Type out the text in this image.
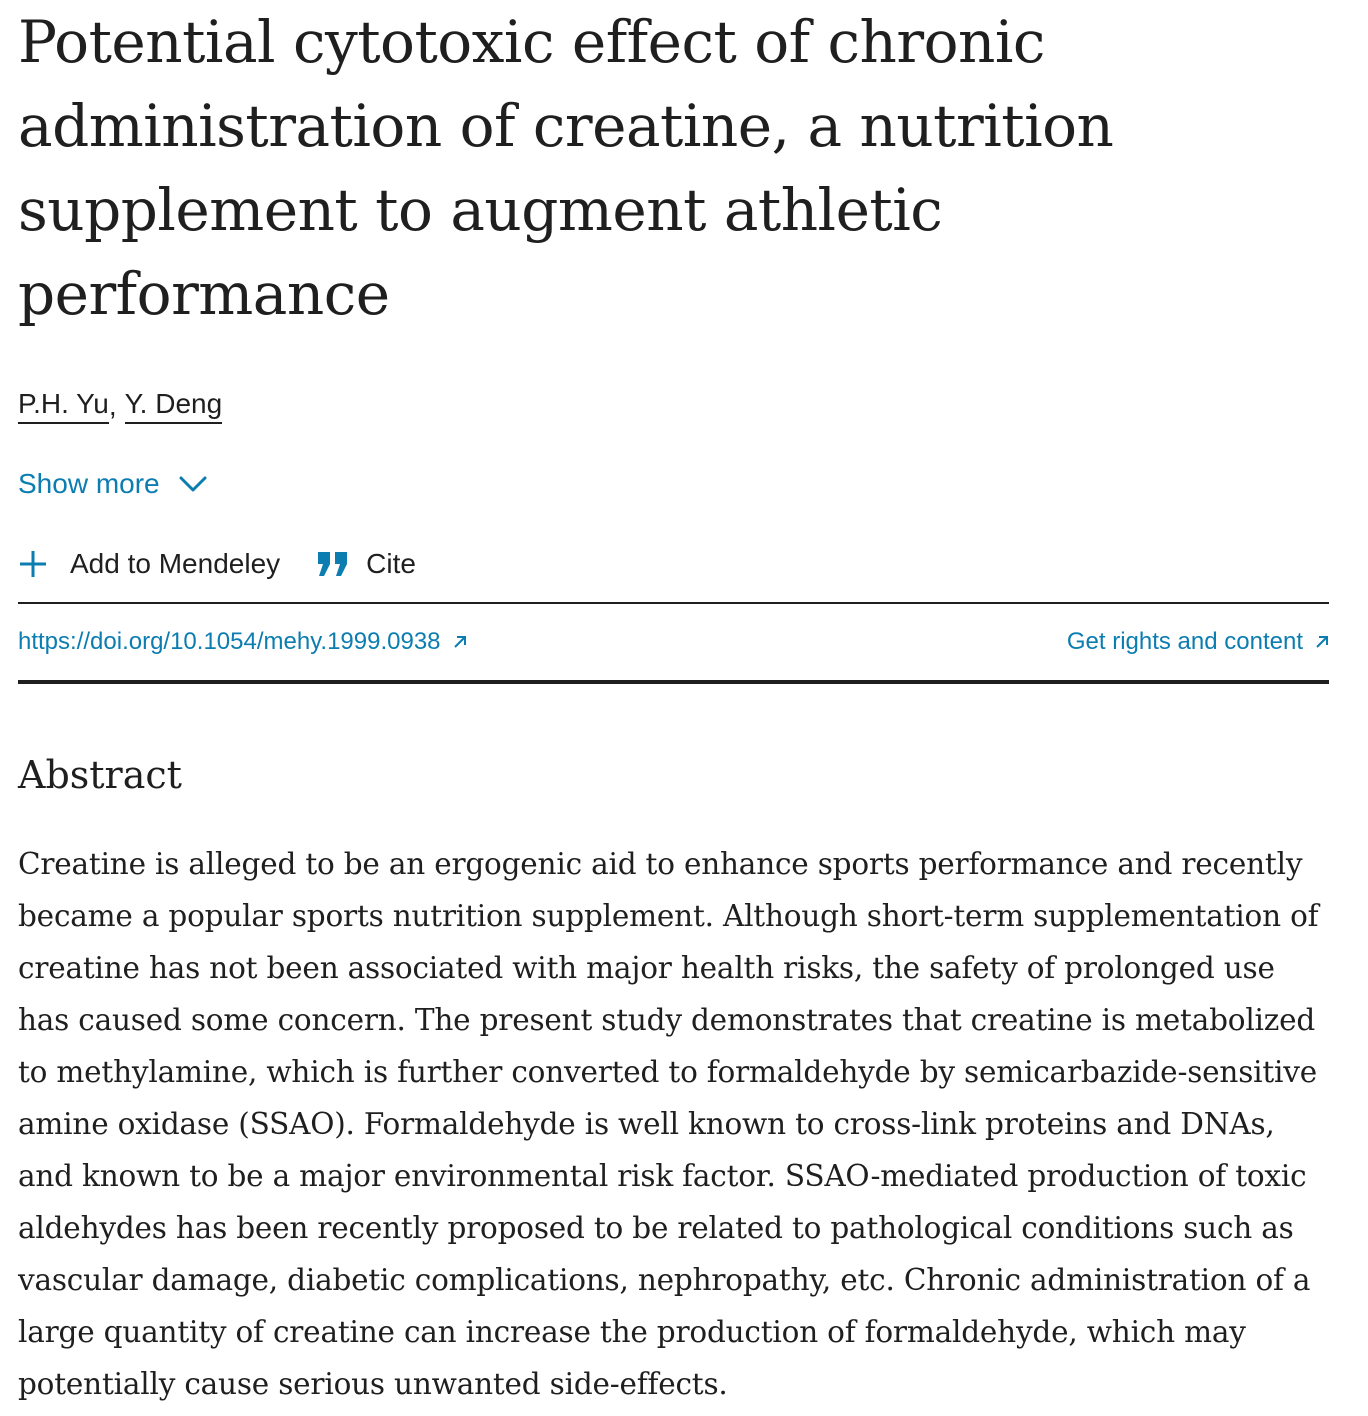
Potential cytotoxic effect of chronic administration of creatine, a nutrition supplement to augment athletic performance
P.H. Yu , Y. Deng
Show more
Add to Mendeley	Cite
https://doi.org/10.1054/mehy.1999.0938	Get rights and content
Abstract

Creatine is alleged to be an ergogenic aid to enhance sports performance and recently became a popular sports nutrition supplement. Although short-term supplementation of creatine has not been associated with major health risks, the safety of prolonged use has caused some concern. The present study demonstrates that creatine is metabolized to methylamine, which is further converted to formaldehyde by semicarbazide-sensitive amine oxidase (SSAO). Formaldehyde is well known to cross-link proteins and DNAs, and known to be a major environmental risk factor. SSAO-mediated production of toxic aldehydes has been recently proposed to be related to pathological conditions such as vascular damage, diabetic complications, nephropathy, etc. Chronic administration of a large quantity of creatine can increase the production of formaldehyde, which may potentially cause serious unwanted side-effects.
